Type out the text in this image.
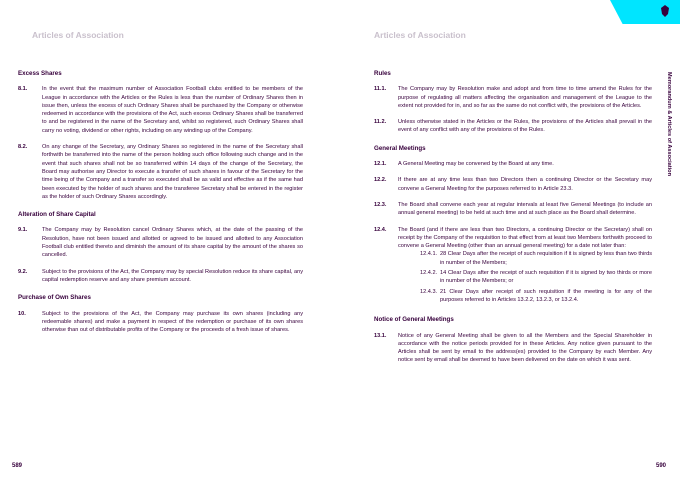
Articles of Association
Excess Shares
8.1.	In the event that the maximum number of Association Football clubs entitled to be members of the League in accordance with the Articles or the Rules is less than the number of Ordinary Shares then in issue then, unless the excess of such Ordinary Shares shall be purchased by the Company or otherwise redeemed in accordance with the provisions of the Act, such excess Ordinary Shares shall be transferred to and be registered in the name of the Secretary and, whilst so registered, such Ordinary Shares shall carry no voting, dividend or other rights, including on any winding up of the Company.
8.2.	On any change of the Secretary, any Ordinary Shares so registered in the name of the Secretary shall forthwith be transferred into the name of the person holding such office following such change and in the event that such shares shall not be so transferred within 14 days of the change of the Secretary, the Board may authorise any Director to execute a transfer of such shares in favour of the Secretary for the time being of the Company and a transfer so executed shall be as valid and effective as if the same had been executed by the holder of such shares and the transferee Secretary shall be entered in the register as the holder of such Ordinary Shares accordingly.
Alteration of Share Capital
9.1.	The Company may by Resolution cancel Ordinary Shares which, at the date of the passing of the Resolution, have not been issued and allotted or agreed to be issued and allotted to any Association Football club entitled thereto and diminish the amount of its share capital by the amount of the shares so cancelled.
9.2.	Subject to the provisions of the Act, the Company may by special Resolution reduce its share capital, any capital redemption reserve and any share premium account.
Purchase of Own Shares
10.	Subject to the provisions of the Act, the Company may purchase its own shares (including any redeemable shares) and make a payment in respect of the redemption or purchase of its own shares otherwise than out of distributable profits of the Company or the proceeds of a fresh issue of shares.
589
Articles of Association
Rules
11.1.	The Company may by Resolution make and adopt and from time to time amend the Rules for the purpose of regulating all matters affecting the organisation and management of the League to the extent not provided for in, and so far as the same do not conflict with, the provisions of the Articles.
11.2.	Unless otherwise stated in the Articles or the Rules, the provisions of the Articles shall prevail in the event of any conflict with any of the provisions of the Rules.
General Meetings
12.1.	A General Meeting may be convened by the Board at any time.
12.2.	If there are at any time less than two Directors then a continuing Director or the Secretary may convene a General Meeting for the purposes referred to in Article 23.3.
12.3.	The Board shall convene each year at regular intervals at least five General Meetings (to include an annual general meeting) to be held at such time and at such place as the Board shall determine.
12.4.	The Board (and if there are less than two Directors, a continuing Director or the Secretary) shall on receipt by the Company of the requisition to that effect from at least two Members forthwith proceed to convene a General Meeting (other than an annual general meeting) for a date not later than:
12.4.1. 28 Clear Days after the receipt of such requisition if it is signed by less than two thirds in number of the Members;
12.4.2. 14 Clear Days after the receipt of such requisition if it is signed by two thirds or more in number of the Members; or
12.4.3. 21 Clear Days after receipt of such requisition if the meeting is for any of the purposes referred to in Articles 13.2.2, 13.2.3, or 13.2.4.
Notice of General Meetings
13.1.	Notice of any General Meeting shall be given to all the Members and the Special Shareholder in accordance with the notice periods provided for in these Articles. Any notice given pursuant to the Articles shall be sent by email to the address(es) provided to the Company by each Member. Any notice sent by email shall be deemed to have been delivered on the date on which it was sent.
Memorandum & Articles of Association
590
